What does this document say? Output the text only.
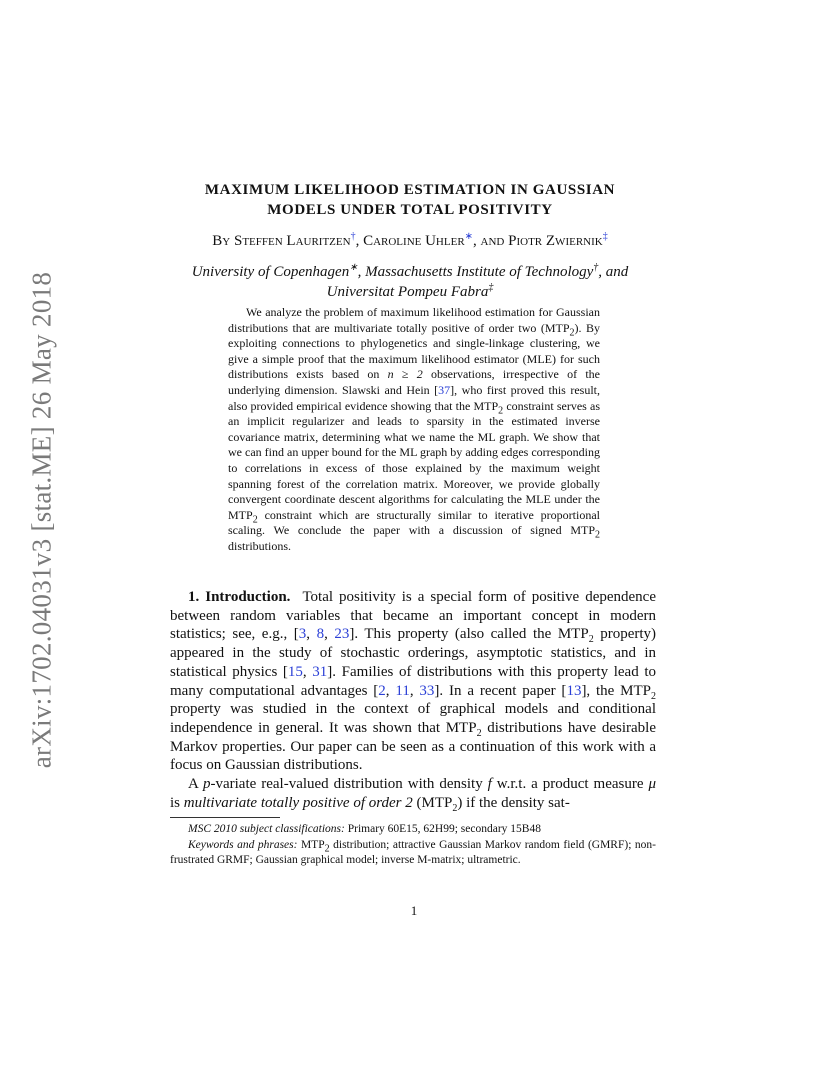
arXiv:1702.04031v3 [stat.ME] 26 May 2018
MAXIMUM LIKELIHOOD ESTIMATION IN GAUSSIAN
MODELS UNDER TOTAL POSITIVITY
By Steffen Lauritzen†, Caroline Uhler∗, and Piotr Zwiernik‡
University of Copenhagen∗, Massachusetts Institute of Technology†, and
Universitat Pompeu Fabra‡

We analyze the problem of maximum likelihood estimation for Gaussian distributions that are multivariate totally positive of order two $(MTP_2)$. By exploiting connections to phylogenetics and single-linkage clustering, we give a simple proof that the maximum likelihood estimator (MLE) for such distributions exists based on n ≥ 2 observations, irrespective of the underlying dimension. Slawski and Hein [37], who first proved this result, also provided empirical evidence showing that the $MTP_2$ constraint serves as an implicit regularizer and leads to sparsity in the estimated inverse covariance matrix, determining what we name the ML graph. We show that we can find an upper bound for the ML graph by adding edges corresponding to correlations in excess of those explained by the maximum weight spanning forest of the correlation matrix. Moreover, we provide globally convergent coordinate descent algorithms for calculating the MLE under the $MTP_2$ constraint which are structurally similar to iterative proportional scaling. We conclude the paper with a discussion of signed $MTP_2$ distributions.

1. Introduction. Total positivity is a special form of positive dependence between random variables that became an important concept in modern statistics; see, e.g., [3, 8, 23]. This property (also called the $MTP_2$ property) appeared in the study of stochastic orderings, asymptotic statistics, and in statistical physics [15, 31]. Families of distributions with this property lead to many computational advantages [2, 11, 33]. In a recent paper [13], the $MTP_2$ property was studied in the context of graphical models and conditional independence in general. It was shown that $MTP_2$ distributions have desirable Markov properties. Our paper can be seen as a continuation of this work with a focus on Gaussian distributions.

A p-variate real-valued distribution with density f w.r.t. a product measure μ is multivariate totally positive of order 2 $(MTP_2)$ if the density sat-

MSC 2010 subject classifications: Primary 60E15, 62H99; secondary 15B48

Keywords and phrases: $MTP_2$ distribution; attractive Gaussian Markov random field (GMRF); non-frustrated GRMF; Gaussian graphical model; inverse M-matrix; ultrametric.

1
